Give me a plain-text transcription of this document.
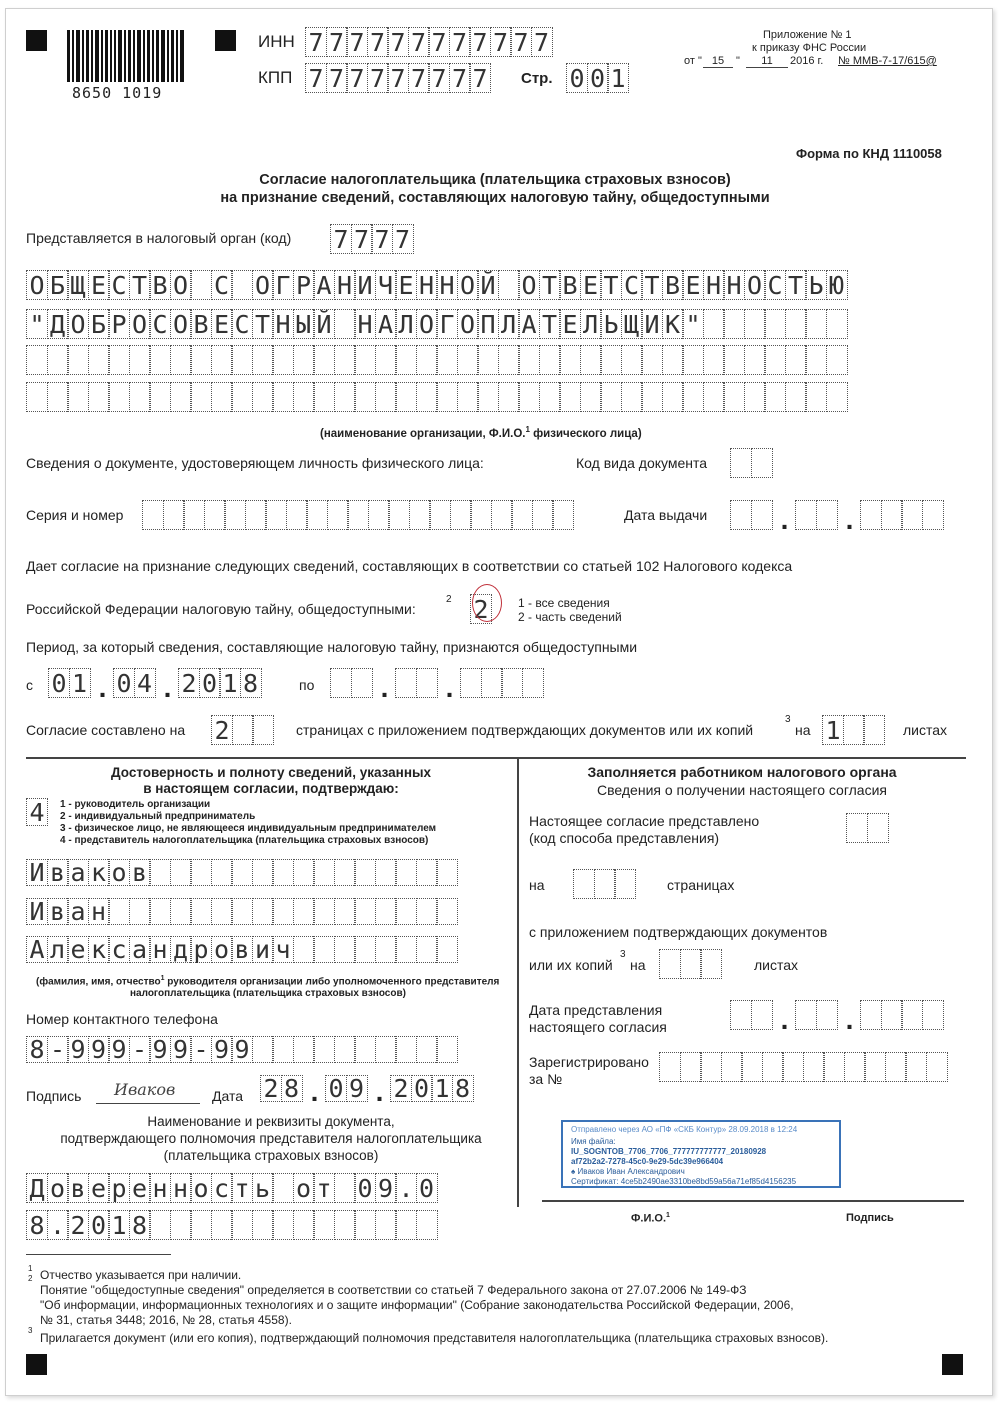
8650 1019
ИНН 7 7 7 7 7 7 7 7 7 7 7 7
КПП 7 7 7 7 7 7 7 7 7 Стр. 0 0 1
Приложение № 1
к приказу ФНС России
от " 15	"	11	2016 г. № ММВ-7-17/615@
Форма по КНД 1110058
Согласие налогоплательщика (плательщика страховых взносов)
на признание сведений, составляющих налоговую тайну, общедоступными
Представляется в налоговый орган (код) 7 7 7 7
О Б Щ Е С Т В О С О Г Р А Н И Ч Е Н Н О Й О Т В Е Т С Т В Е Н Н О С Т Ь Ю
" Д О Б Р О С О В Е С Т Н Ы Й Н А Л О Г О П Л А Т Е Л Ь Щ И К "
(наименование организации, Ф.И.О.$^1$ физического лица)
Сведения о документе, удостоверяющем личность физического лица:	Код вида документа
Серия и номер	Дата выдачи	. .
Дает согласие на признание следующих сведений, составляющих в соответствии со статьей 102 Налогового кодекса
Российской Федерации налоговую тайну, общедоступными:
2 2 1 - все сведения
2 - часть сведений
Период, за который сведения, составляющие налоговую тайну, признаются общедоступными
с 0 1 . 0 4 . 2 0 1 8	по . .
Согласие составлено на 2	страницах с приложением подтверждающих документов или их копий
3
на 1	листах
Достоверность и полноту сведений, указанных
в настоящем согласии, подтверждаю:
4	1 - руководитель организации
2 - индивидуальный предприниматель
3 - физическое лицо, не являющееся индивидуальным предпринимателем
4 - представитель налогоплательщика (плательщика страховых взносов)
И в а к о в
И в а н
А л е к с а н д р о в и ч
(фамилия, имя, отчество$^1$ руководителя организации либо уполномоченного представителя
налогоплательщика (плательщика страховых взносов)
Номер контактного телефона
8 - 9 9 9 - 9 9 - 9 9
Подпись Ивaков	Дата 2 8 . 0 9 . 2 0 1 8
Наименование и реквизиты документа,
подтверждающего полномочия представителя налогоплательщика
(плательщика страховых взносов)
Д о в е р е н н о с т ь о т 0 9 . 0
8 . 2 0 1 8
Заполняется работником налогового органа
Сведения о получении настоящего согласия
Настоящее согласие представлено
(код способа представления)
на	страницах
с приложением подтверждающих документов
или их копий
3
на	листах
Дата представления
настоящего согласия	. .
Зарегистрировано
за №
Отправлено через АО «ПФ «СКБ Контур» 28.09.2018 в 12:24
Имя файла:
IU_SOGNTOB_7706_7706_777777777777_20180928
af72b2a2-7278-45c0-9e29-5dc39e966404
♠ Ивaков Иван Александрович
Сертификат: 4ce5b2490ae3310be8bd59a56a71ef85d4156235
Ф.И.О.$^1$	Подпись
1
2 Отчество указывается при наличии.
Понятие "общедоступные сведения" определяется в соответствии со статьей 7 Федерального закона от 27.07.2006 № 149-ФЗ
"Об информации, информационных технологиях и о защите информации" (Собрание законодательства Российской Федерации, 2006,
№ 31, статья 3448; 2016, № 28, статья 4558).
3
Прилагается документ (или его копия), подтверждающий полномочия представителя налогоплательщика (плательщика страховых взносов).
